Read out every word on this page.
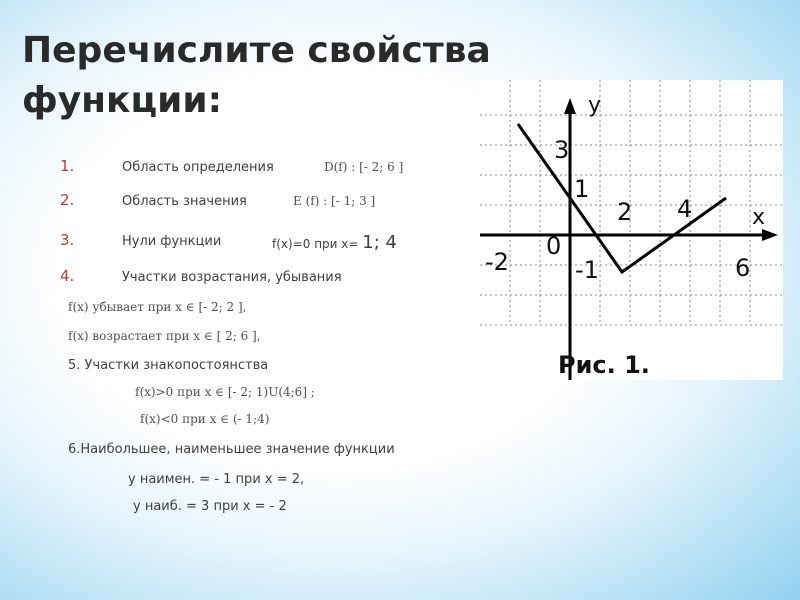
Перечислите свойства
функции:
1.	Область определения	D(f) : [- 2; 6 ]
2.	Область значения	E (f) : [- 1; 3 ]
3.	Нули функции	f(x)=0 при x= 1; 4
4.	Участки возрастания, убывания
f(x) убывает при x ∈ [- 2; 2 ],
f(x) возрастает при x ∈ [ 2; 6 ],
5. Участки знакопостоянства
f(x)>0 при x ∈ [- 2; 1)U(4;6] ;
f(x)<0 при x ∈ (- 1;4)
6.Наибольшее, наименьшее значение функции
y наимен. = - 1 при x = 2,
y наиб. = 3 при x = - 2
y
x
3
1
2 4
0
-2	-1	6
Рис. 1.
